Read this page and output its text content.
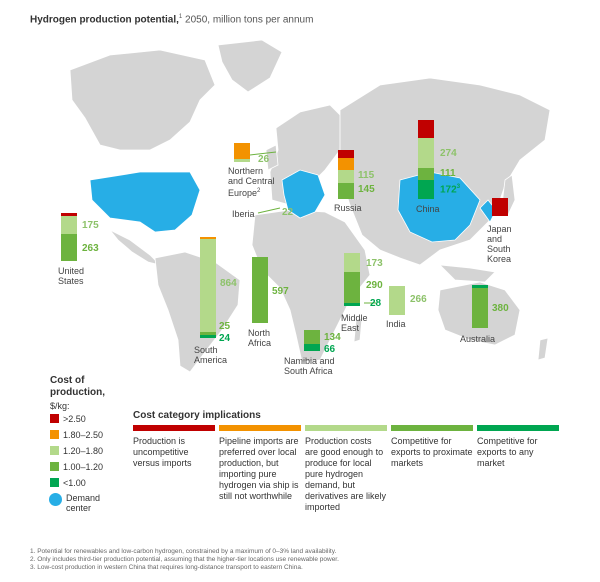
Hydrogen production potential,$^1$ 2050, million tons per annum
175
263
864
25
24
597
22
26
115
145
274
111
$172^3$
173
290
28	266
134
66
380
United
States
South
America
North
Africa
Iberia
Northern
and Central
Europe$^2$
Russia	China
Japan
and
South
Korea
Middle
East	India
Namibia and
South Africa
Australia
Cost of
production,
$/kg:
>2.50
1.80–2.50
1.20–1.80
1.00–1.20
<1.00
Demand
center
Cost category implications
Production is uncompetitive versus imports
Pipeline imports are preferred over local production, but importing pure hydrogen via ship is still not worthwhile
Production costs are good enough to produce for local pure hydrogen demand, but derivatives are likely imported
Competitive for exports to proximate markets
Competitive for exports to any market
1. Potential for renewables and low-carbon hydrogen, constrained by a maximum of 0–3% land availability.
2. Only includes third-tier production potential, assuming that the higher-tier locations use renewable power.
3. Low-cost production in western China that requires long-distance transport to eastern China.
